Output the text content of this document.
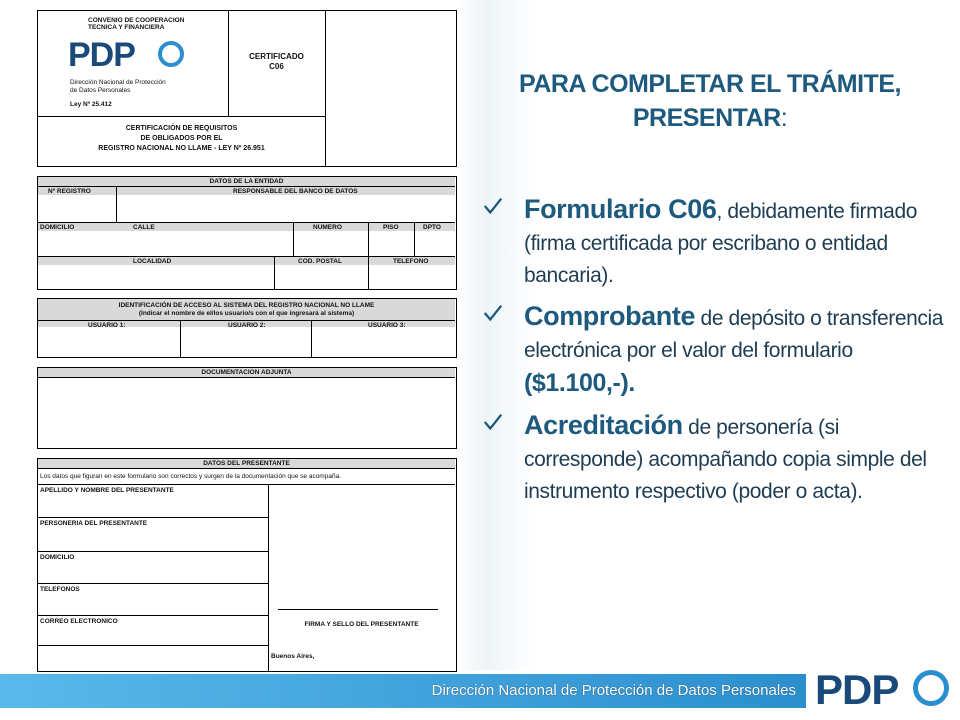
CONVENIO DE COOPERACION
TECNICA Y FINANCIERA
PDP
Dirección Nacional de Protección
de Datos Personales
Ley Nº 25.412
CERTIFICADO
C06
CERTIFICACIÓN DE REQUISITOS
DE OBLIGADOS POR EL
REGISTRO NACIONAL NO LLAME - LEY Nº 26.951
DATOS DE LA ENTIDAD
Nº REGISTRO	RESPONSABLE DEL BANCO DE DATOS
DOMICILIO	CALLE	NUMERO	PISO	DPTO
LOCALIDAD	COD. POSTAL	TELEFONO
IDENTIFICACIÓN DE ACCESO AL SISTEMA DEL REGISTRO NACIONAL NO LLAME
(Indicar el nombre de el/los usuario/s con el que ingresará al sistema)
USUARIO 1:	USUARIO 2:	USUARIO 3:
DOCUMENTACION ADJUNTA
DATOS DEL PRESENTANTE
Los datos que figuran en este formulario son correctos y surgen de la documentación que se acompaña.
APELLIDO Y NOMBRE DEL PRESENTANTE
PERSONERIA DEL PRESENTANTE
DOMICILIO
TELEFONOS
CORREO ELECTRONICO	FIRMA Y SELLO DEL PRESENTANTE
Buenos Aires,
PARA COMPLETAR EL TRÁMITE,
PRESENTAR:
Formulario C06, debidamente firmado (firma certificada por escribano o entidad bancaria).
Comprobante de depósito o transferencia electrónica por el valor del formulario ($1.100,-).
Acreditación de personería (si corresponde) acompañando copia simple del instrumento respectivo (poder o acta).
Dirección Nacional de Protección de Datos Personales PDP
